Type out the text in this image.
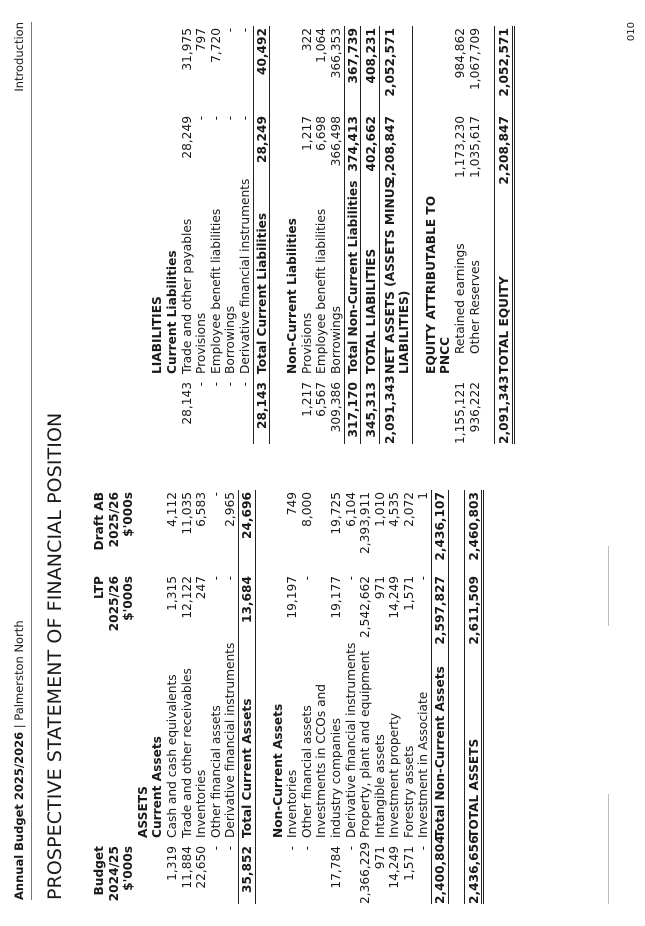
Annual Budget 2025/2026 | Palmerston North
Introduction
PROSPECTIVE STATEMENT OF FINANCIAL POSITION Budget
LTP
Draft AB
2024/25
2025/26
2025/26
$'000s
$'000s
$'000s
ASSETS Current Assets
1,319
Cash and cash equivalents
1,315
4,112
11,884
Trade and other receivables
12,122
11,035
22,650
Inventories
247
6,583
-
Other financial assets
-
-
-
Derivative financial instruments
-
2,965
35,852
Total Current Assets
13,684
24,696
Non-Current Assets
-
Inventories
19,197
749
-
Other financial assets
-
8,000
Investments in CCOs and
17,784
industry companies
19,177
19,725
-
Derivative financial instruments
-
6,104
2,366,229
Property, plant and equipment
2,542,662
2,393,911
971
Intangible assets
971
1,010
14,249
Investment property
14,249
4,535
1,571
Forestry assets
1,571
2,072
-
Investment in Associate
-
1
2,400,804
Total Non-Current Assets
2,597,827
2,436,107
2,436,656
TOTAL ASSETS
2,611,509
2,460,803
LIABILITIES Current Liabilities
28,143
Trade and other payables
28,249
31,975
-
Provisions
-
797
-
Employee benefit liabilities
-
7,720
-
Borrowings
-
-
-
Derivative financial instruments
-
-
28,143
Total Current Liabilities
28,249
40,492
Non-Current Liabilities
1,217
Provisions
1,217
322
6,567
Employee benefit liabilities
6,698
1,064
309,386
Borrowings
366,498
366,353
317,170
Total Non-Current Liabilities
374,413
367,739
345,313
TOTAL LIABILITIES
402,662
408,231
2,091,343
NET ASSETS (ASSETS MINUS
2,208,847
2,052,571
LIABILITIES) EQUITY ATTRIBUTABLE TO PNCC
1,155,121
Retained earnings
1,173,230
984,862
936,222
Other Reserves
1,035,617
1,067,709
2,091,343
TOTAL EQUITY
2,208,847
2,052,571	010
